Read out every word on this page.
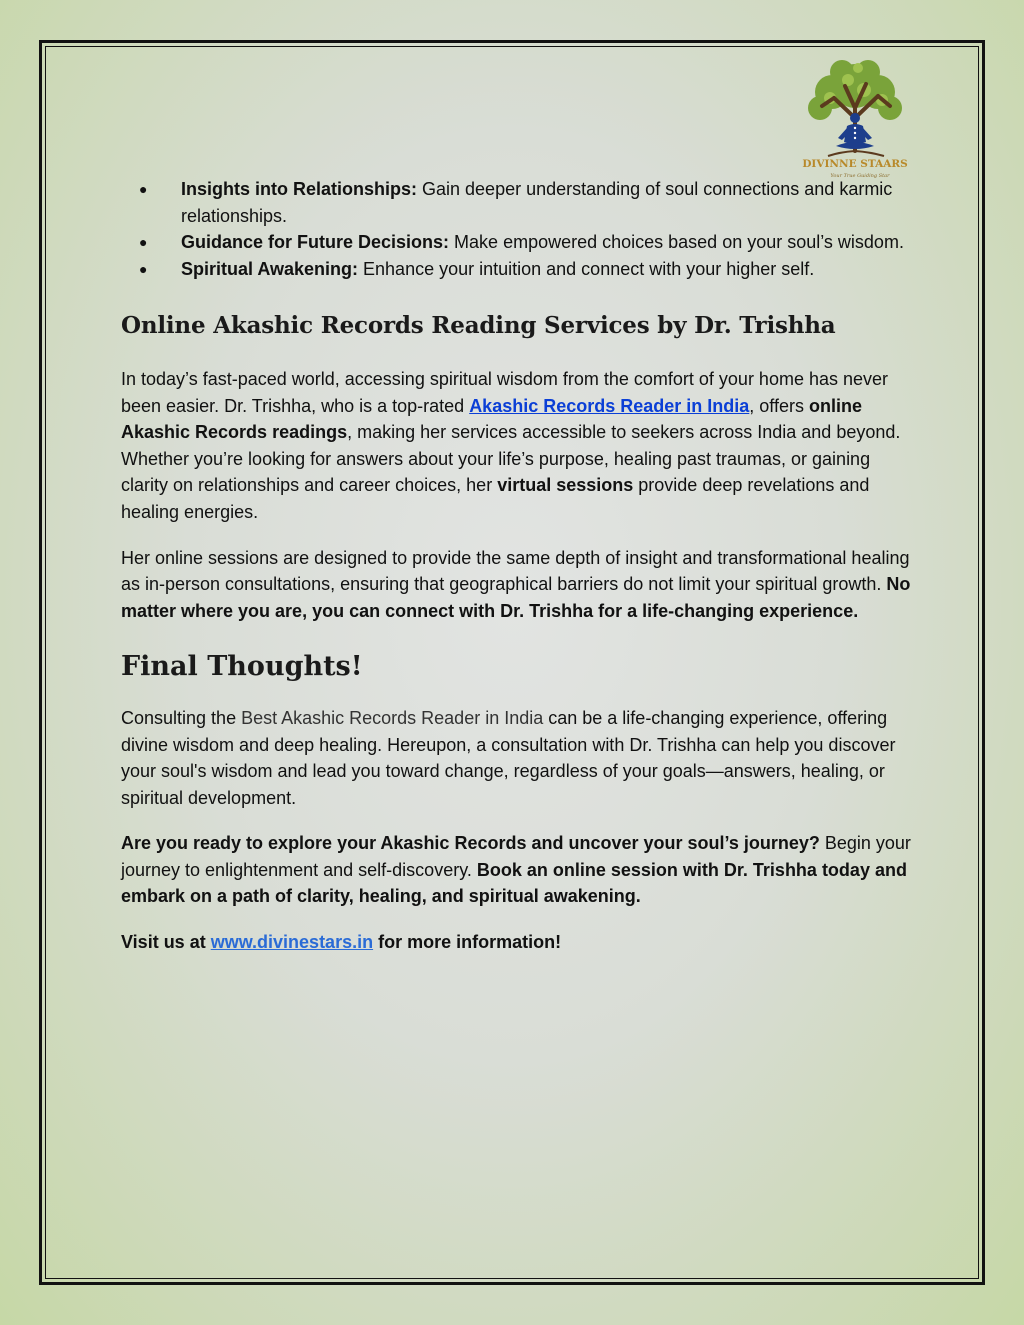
DIVINNE STAARS
Your True Guiding Star
● Insights into Relationships: Gain deeper understanding of soul connections and karmic relationships.
● Guidance for Future Decisions: Make empowered choices based on your soul’s wisdom.
● Spiritual Awakening: Enhance your intuition and connect with your higher self.
Online Akashic Records Reading Services by Dr. Trishha

In today’s fast-paced world, accessing spiritual wisdom from the comfort of your home has never been easier. Dr. Trishha, who is a top-rated Akashic Records Reader in India, offers online Akashic Records readings, making her services accessible to seekers across India and beyond. Whether you’re looking for answers about your life’s purpose, healing past traumas, or gaining clarity on relationships and career choices, her virtual sessions provide deep revelations and healing energies.

Her online sessions are designed to provide the same depth of insight and transformational healing as in-person consultations, ensuring that geographical barriers do not limit your spiritual growth. No matter where you are, you can connect with Dr. Trishha for a life-changing experience.

Final Thoughts!

Consulting the Best Akashic Records Reader in India can be a life-changing experience, offering divine wisdom and deep healing. Hereupon, a consultation with Dr. Trishha can help you discover your soul's wisdom and lead you toward change, regardless of your goals—answers, healing, or spiritual development.

Are you ready to explore your Akashic Records and uncover your soul’s journey? Begin your journey to enlightenment and self-discovery. Book an online session with Dr. Trishha today and embark on a path of clarity, healing, and spiritual awakening.

Visit us at www.divinestars.in for more information!
